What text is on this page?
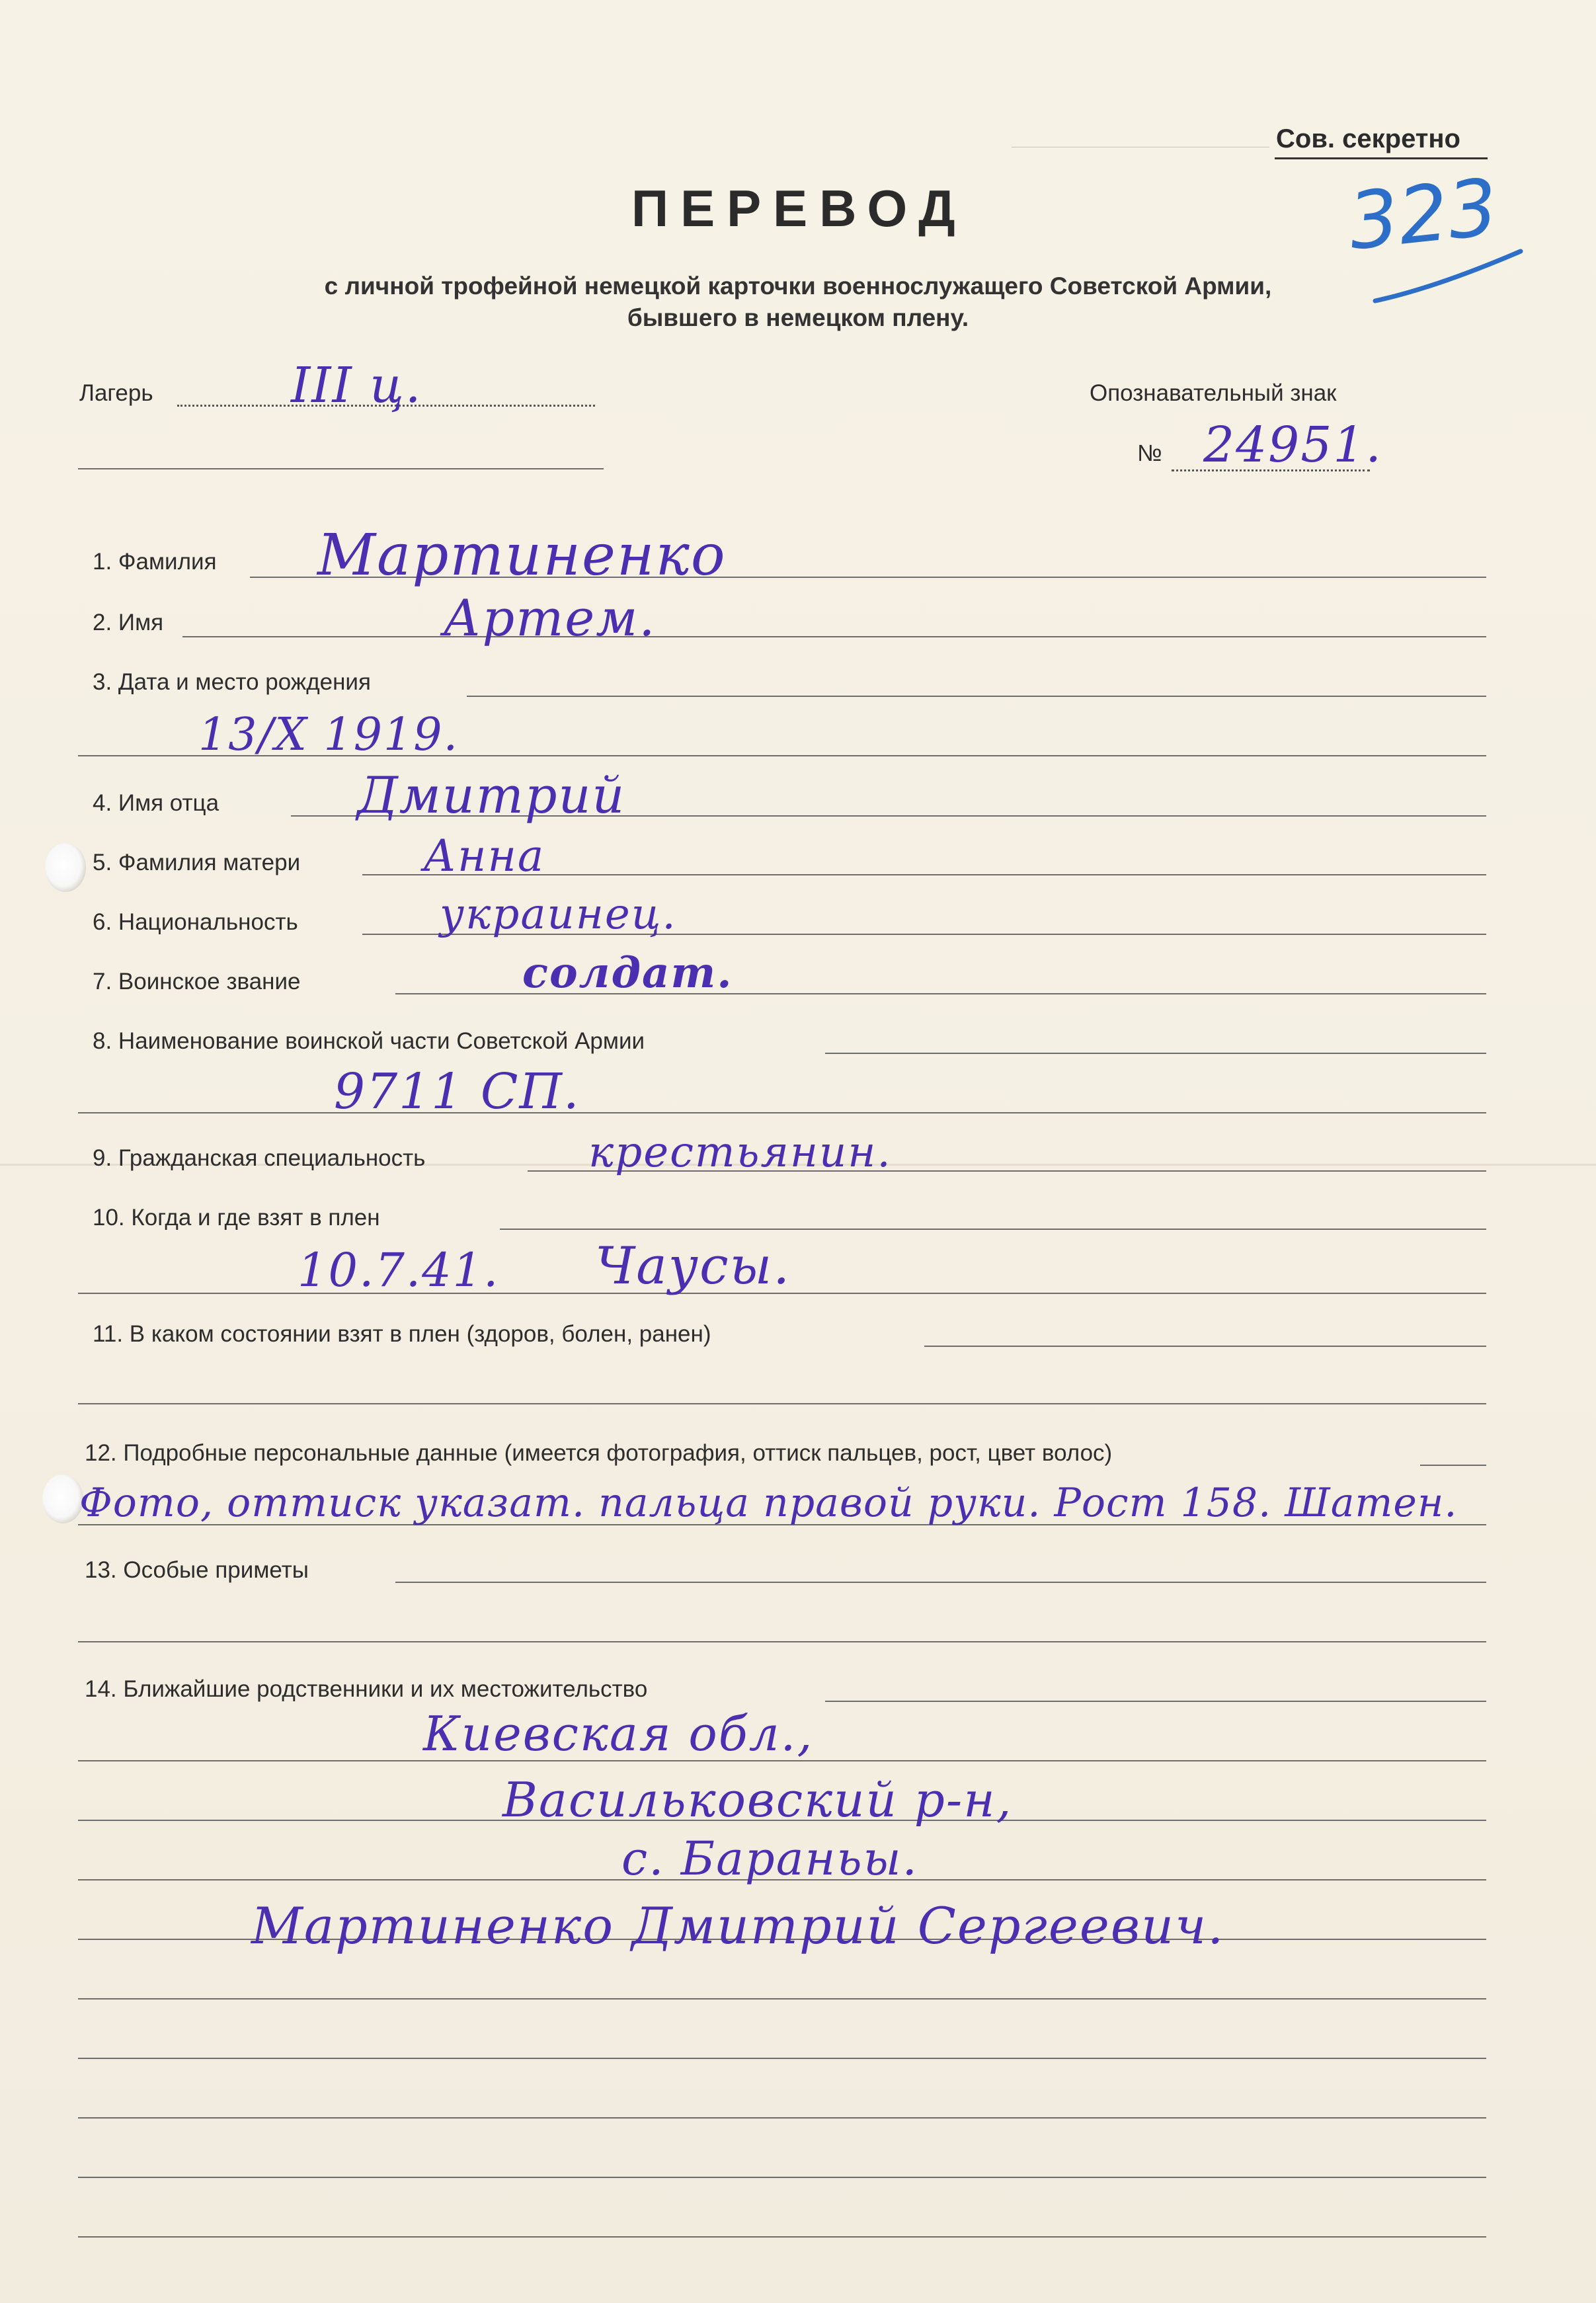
Сов. секретно
323
ПЕРЕВОД
с личной трофейной немецкой карточки военнослужащего Советской Армии,
бывшего в немецком плену.
Лагерь	III ц.	Опознавательный знак
№ 24951.
1. Фамилия Мартиненко
2. Имя	Артем.
3. Дата и место рождения
13/X 1919.
4. Имя отца	Дмитрий
5. Фамилия матери	Анна
6. Национальность	украинец.
7. Воинское звание	солдат.
8. Наименование воинской части Советской Армии
9711 СП.
9. Гражданская специальность	крестьянин.
10. Когда и где взят в плен
10.7.41. Чаусы.
11. В каком состоянии взят в плен (здоров, болен, ранен)
12. Подробные персональные данные (имеется фотография, оттиск пальцев, рост, цвет волос)
Фото, оттиск указат. пальца правой руки. Рост 158. Шатен.
13. Особые приметы
14. Ближайшие родственники и их местожительство
Киевская обл.,
Васильковский р-н,
с. Бараньы.
Мартиненко Дмитрий Сергеевич.
